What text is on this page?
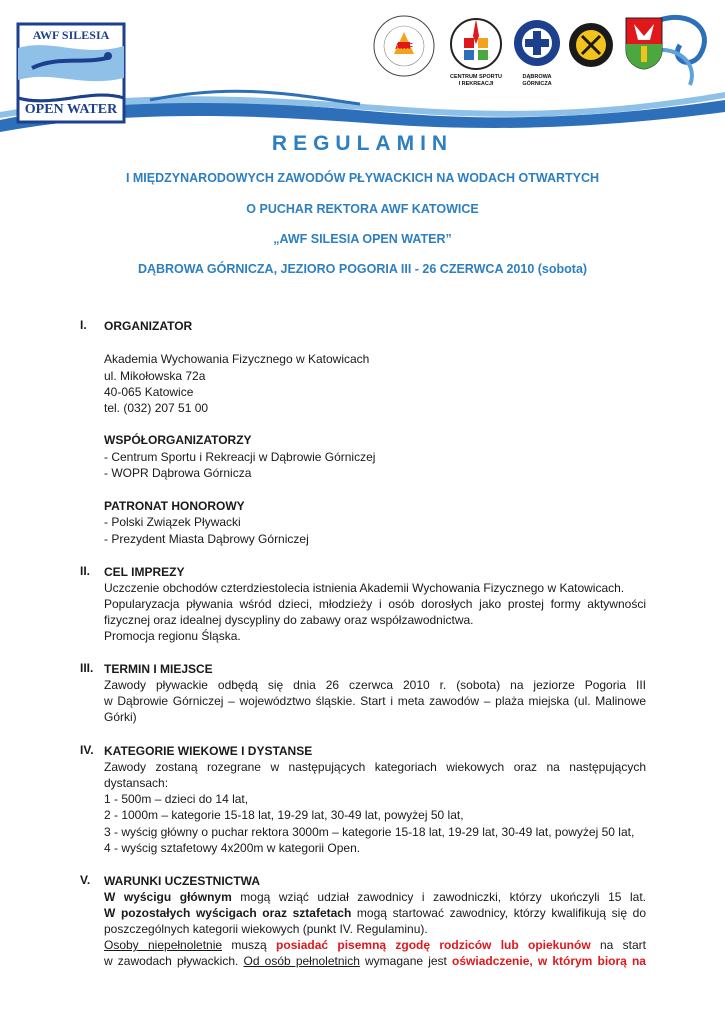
AWF SILESIA
OPEN WATER
AWF
CENTRUM SPORTU
I REKREACJI
DĄBROWA
GÓRNICZA
REGULAMIN
I MIĘDZYNARODOWYCH ZAWODÓW PŁYWACKICH NA WODACH OTWARTYCH
O PUCHAR REKTORA AWF KATOWICE
„AWF SILESIA OPEN WATER”
DĄBROWA GÓRNICZA, JEZIORO POGORIA III - 26 CZERWCA 2010 (sobota)
I. ORGANIZATOR
Akademia Wychowania Fizycznego w Katowicach
ul. Mikołowska 72a
40-065 Katowice
tel. (032) 207 51 00
WSPÓŁORGANIZATORZY
- Centrum Sportu i Rekreacji w Dąbrowie Górniczej
- WOPR Dąbrowa Górnicza
PATRONAT HONOROWY
- Polski Związek Pływacki
- Prezydent Miasta Dąbrowy Górniczej
II. CEL IMPREZY
Uczczenie obchodów czterdziestolecia istnienia Akademii Wychowania Fizycznego w Katowicach.
Popularyzacja pływania wśród dzieci, młodzieży i osób dorosłych jako prostej formy aktywności
fizycznej oraz idealnej dyscypliny do zabawy oraz współzawodnictwa.
Promocja regionu Śląska.
III. TERMIN I MIEJSCE
Zawody pływackie odbędą się dnia 26 czerwca 2010 r. (sobota) na jeziorze Pogoria III
w Dąbrowie Górniczej – województwo śląskie. Start i meta zawodów – plaża miejska (ul. Malinowe
Górki)
IV. KATEGORIE WIEKOWE I DYSTANSE
Zawody zostaną rozegrane w następujących kategoriach wiekowych oraz na następujących
dystansach:
1 - 500m – dzieci do 14 lat,
2 - 1000m – kategorie 15-18 lat, 19-29 lat, 30-49 lat, powyżej 50 lat,
3 - wyścig główny o puchar rektora 3000m – kategorie 15-18 lat, 19-29 lat, 30-49 lat, powyżej 50 lat,
4 - wyścig sztafetowy 4x200m w kategorii Open.
V. WARUNKI UCZESTNICTWA
W wyścigu głównym mogą wziąć udział zawodnicy i zawodniczki, którzy ukończyli 15 lat.
W pozostałych wyścigach oraz sztafetach mogą startować zawodnicy, którzy kwalifikują się do
poszczególnych kategorii wiekowych (punkt IV. Regulaminu).
Osoby niepełnoletnie muszą posiadać pisemną zgodę rodziców lub opiekunów na start
w zawodach pływackich. Od osób pełnoletnich wymagane jest oświadczenie, w którym biorą na
